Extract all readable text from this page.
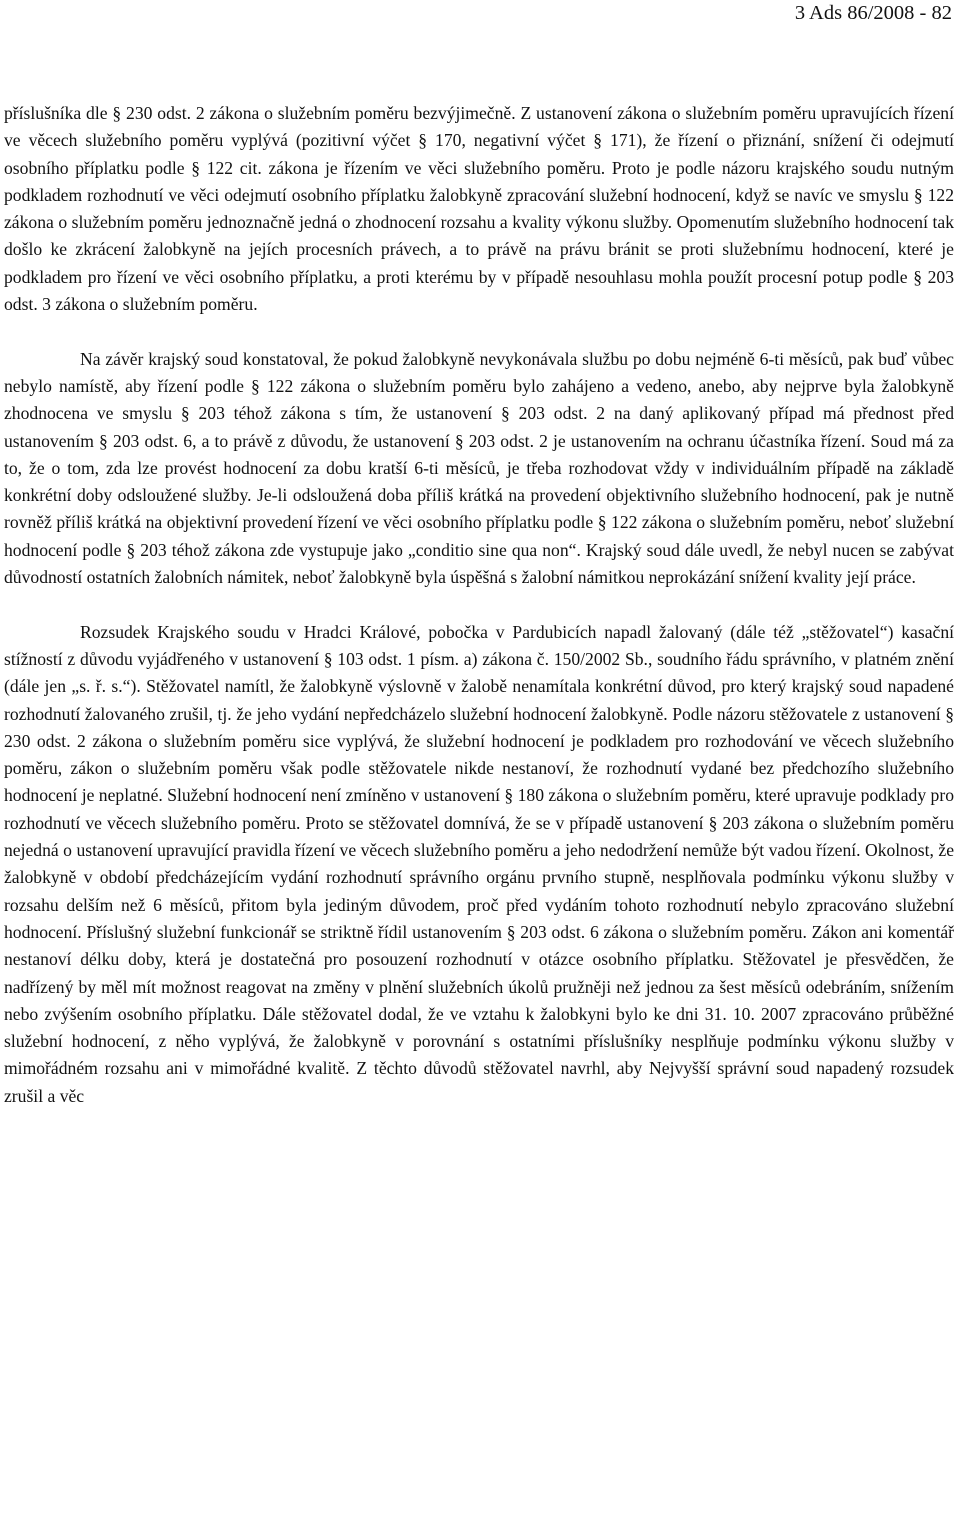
3 Ads 86/2008 - 82

příslušníka dle § 230 odst. 2 zákona o služebním poměru bezvýjimečně. Z ustanovení zákona o služebním poměru upravujících řízení ve věcech služebního poměru vyplývá (pozitivní výčet § 170, negativní výčet § 171), že řízení o přiznání, snížení či odejmutí osobního příplatku podle § 122 cit. zákona je řízením ve věci služebního poměru. Proto je podle názoru krajského soudu nutným podkladem rozhodnutí ve věci odejmutí osobního příplatku žalobkyně zpracování služební hodnocení, když se navíc ve smyslu § 122 zákona o služebním poměru jednoznačně jedná o zhodnocení rozsahu a kvality výkonu služby. Opomenutím služebního hodnocení tak došlo ke zkrácení žalobkyně na jejích procesních právech, a to právě na právu bránit se proti služebnímu hodnocení, které je podkladem pro řízení ve věci osobního příplatku, a proti kterému by v případě nesouhlasu mohla použít procesní potup podle § 203 odst. 3 zákona o služebním poměru.

Na závěr krajský soud konstatoval, že pokud žalobkyně nevykonávala službu po dobu nejméně 6-ti měsíců, pak buď vůbec nebylo namístě, aby řízení podle § 122 zákona o služebním poměru bylo zahájeno a vedeno, anebo, aby nejprve byla žalobkyně zhodnocena ve smyslu § 203 téhož zákona s tím, že ustanovení § 203 odst. 2 na daný aplikovaný případ má přednost před ustanovením § 203 odst. 6, a to právě z důvodu, že ustanovení § 203 odst. 2 je ustanovením na ochranu účastníka řízení. Soud má za to, že o tom, zda lze provést hodnocení za dobu kratší 6-ti měsíců, je třeba rozhodovat vždy v individuálním případě na základě konkrétní doby odsloužené služby. Je-li odsloužená doba příliš krátká na provedení objektivního služebního hodnocení, pak je nutně rovněž příliš krátká na objektivní provedení řízení ve věci osobního příplatku podle § 122 zákona o služebním poměru, neboť služební hodnocení podle § 203 téhož zákona zde vystupuje jako „conditio sine qua non“. Krajský soud dále uvedl, že nebyl nucen se zabývat důvodností ostatních žalobních námitek, neboť žalobkyně byla úspěšná s žalobní námitkou neprokázání snížení kvality její práce.

Rozsudek Krajského soudu v Hradci Králové, pobočka v Pardubicích napadl žalovaný (dále též „stěžovatel“) kasační stížností z důvodu vyjádřeného v ustanovení § 103 odst. 1 písm. a) zákona č. 150/2002 Sb., soudního řádu správního, v platném znění (dále jen „s. ř. s.“). Stěžovatel namítl, že žalobkyně výslovně v žalobě nenamítala konkrétní důvod, pro který krajský soud napadené rozhodnutí žalovaného zrušil, tj. že jeho vydání nepředcházelo služební hodnocení žalobkyně. Podle názoru stěžovatele z ustanovení § 230 odst. 2 zákona o služebním poměru sice vyplývá, že služební hodnocení je podkladem pro rozhodování ve věcech služebního poměru, zákon o služebním poměru však podle stěžovatele nikde nestanoví, že rozhodnutí vydané bez předchozího služebního hodnocení je neplatné. Služební hodnocení není zmíněno v ustanovení § 180 zákona o služebním poměru, které upravuje podklady pro rozhodnutí ve věcech služebního poměru. Proto se stěžovatel domnívá, že se v případě ustanovení § 203 zákona o služebním poměru nejedná o ustanovení upravující pravidla řízení ve věcech služebního poměru a jeho nedodržení nemůže být vadou řízení. Okolnost, že žalobkyně v období předcházejícím vydání rozhodnutí správního orgánu prvního stupně, nesplňovala podmínku výkonu služby v rozsahu delším než 6 měsíců, přitom byla jediným důvodem, proč před vydáním tohoto rozhodnutí nebylo zpracováno služební hodnocení. Příslušný služební funkcionář se striktně řídil ustanovením § 203 odst. 6 zákona o služebním poměru. Zákon ani komentář nestanoví délku doby, která je dostatečná pro posouzení rozhodnutí v otázce osobního příplatku. Stěžovatel je přesvědčen, že nadřízený by měl mít možnost reagovat na změny v plnění služebních úkolů pružněji než jednou za šest měsíců odebráním, snížením nebo zvýšením osobního příplatku. Dále stěžovatel dodal, že ve vztahu k žalobkyni bylo ke dni 31. 10. 2007 zpracováno průběžné služební hodnocení, z něho vyplývá, že žalobkyně v porovnání s ostatními příslušníky nesplňuje podmínku výkonu služby v mimořádném rozsahu ani v mimořádné kvalitě. Z těchto důvodů stěžovatel navrhl, aby Nejvyšší správní soud napadený rozsudek zrušil a věc
